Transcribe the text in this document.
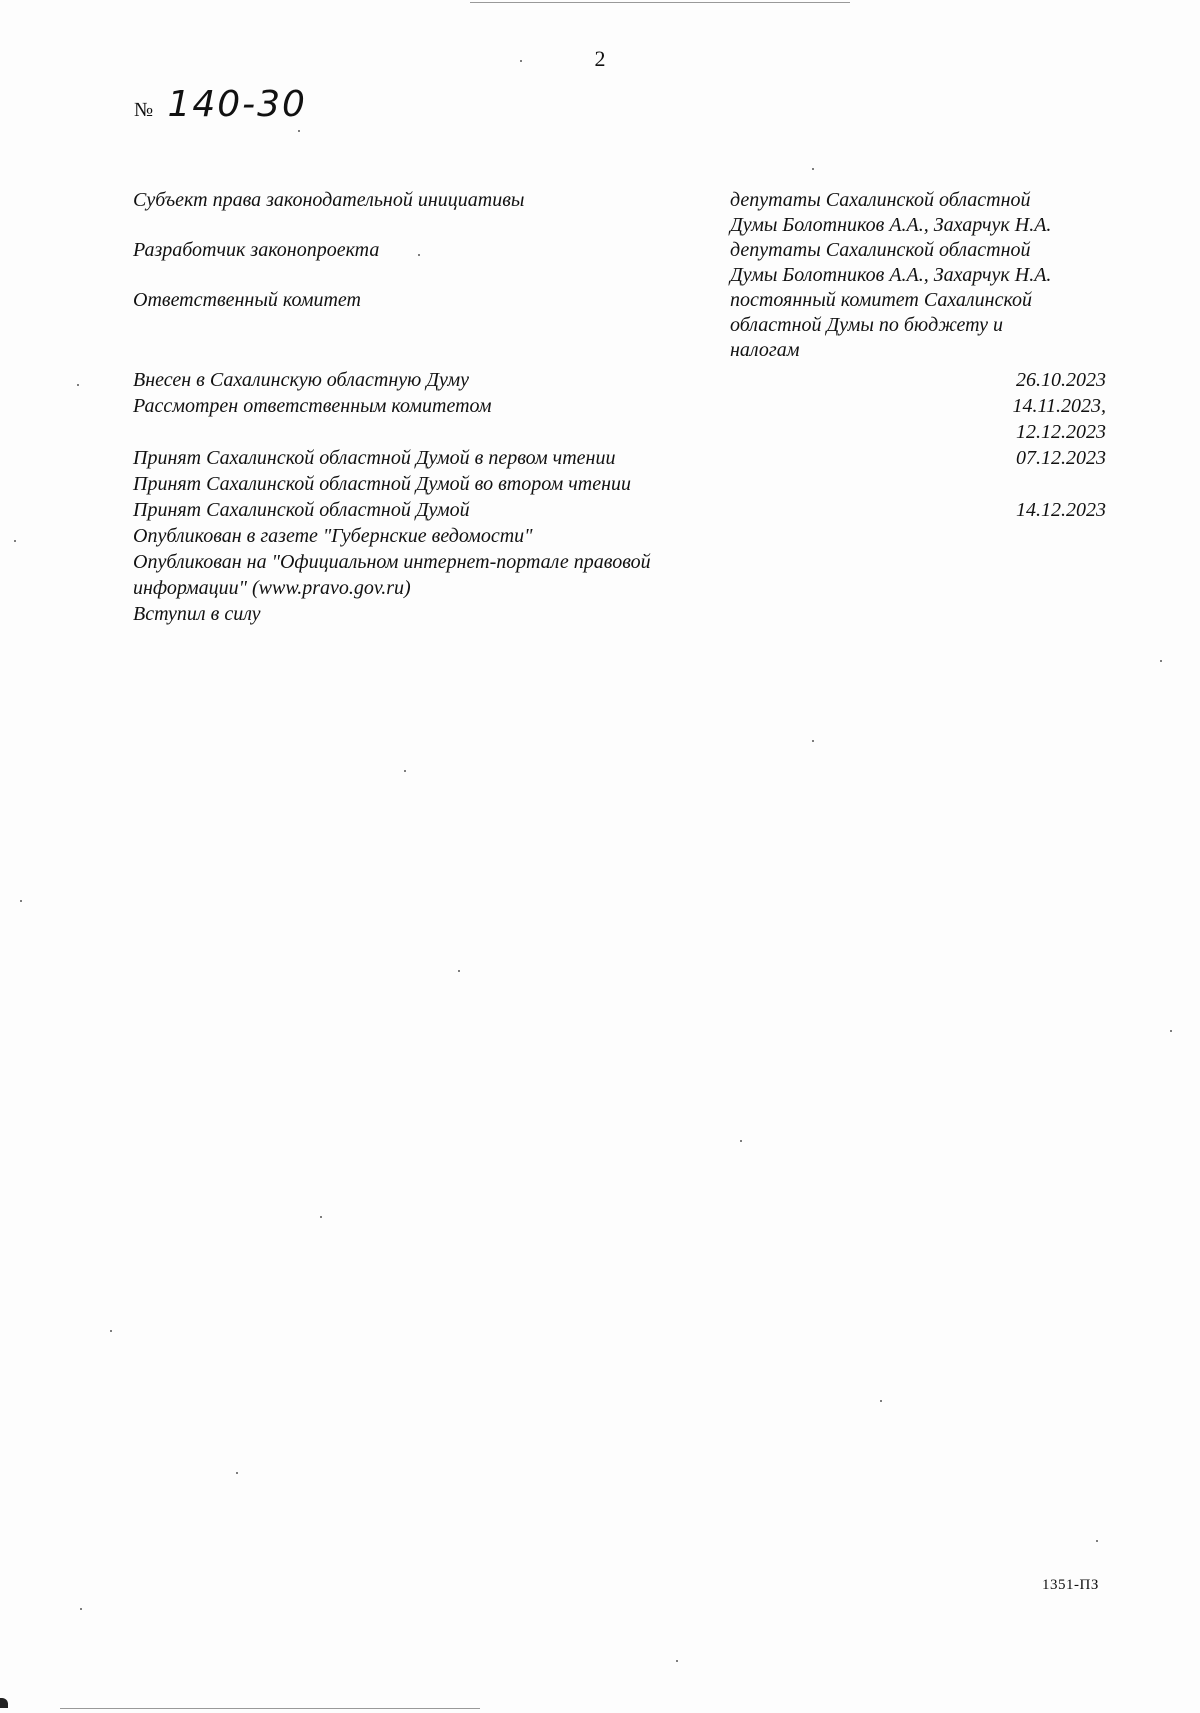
2
№ 140-30
Субъект права законодательной инициативы	депутаты Сахалинской областной
Думы Болотников А.А., Захарчук Н.А.
Разработчик законопроекта	депутаты Сахалинской областной
Думы Болотников А.А., Захарчук Н.А.
Ответственный комитет	постоянный комитет Сахалинской
областной Думы по бюджету и
налогам
Внесен в Сахалинскую областную Думу	26.10.2023
Рассмотрен ответственным комитетом	14.11.2023,
12.12.2023
Принят Сахалинской областной Думой в первом чтении	07.12.2023
Принят Сахалинской областной Думой во втором чтении
Принят Сахалинской областной Думой	14.12.2023
Опубликован в газете "Губернские ведомости"
Опубликован на "Официальном интернет-портале правовой
информации" (www.pravo.gov.ru)
Вступил в силу
1351-ПЗ
